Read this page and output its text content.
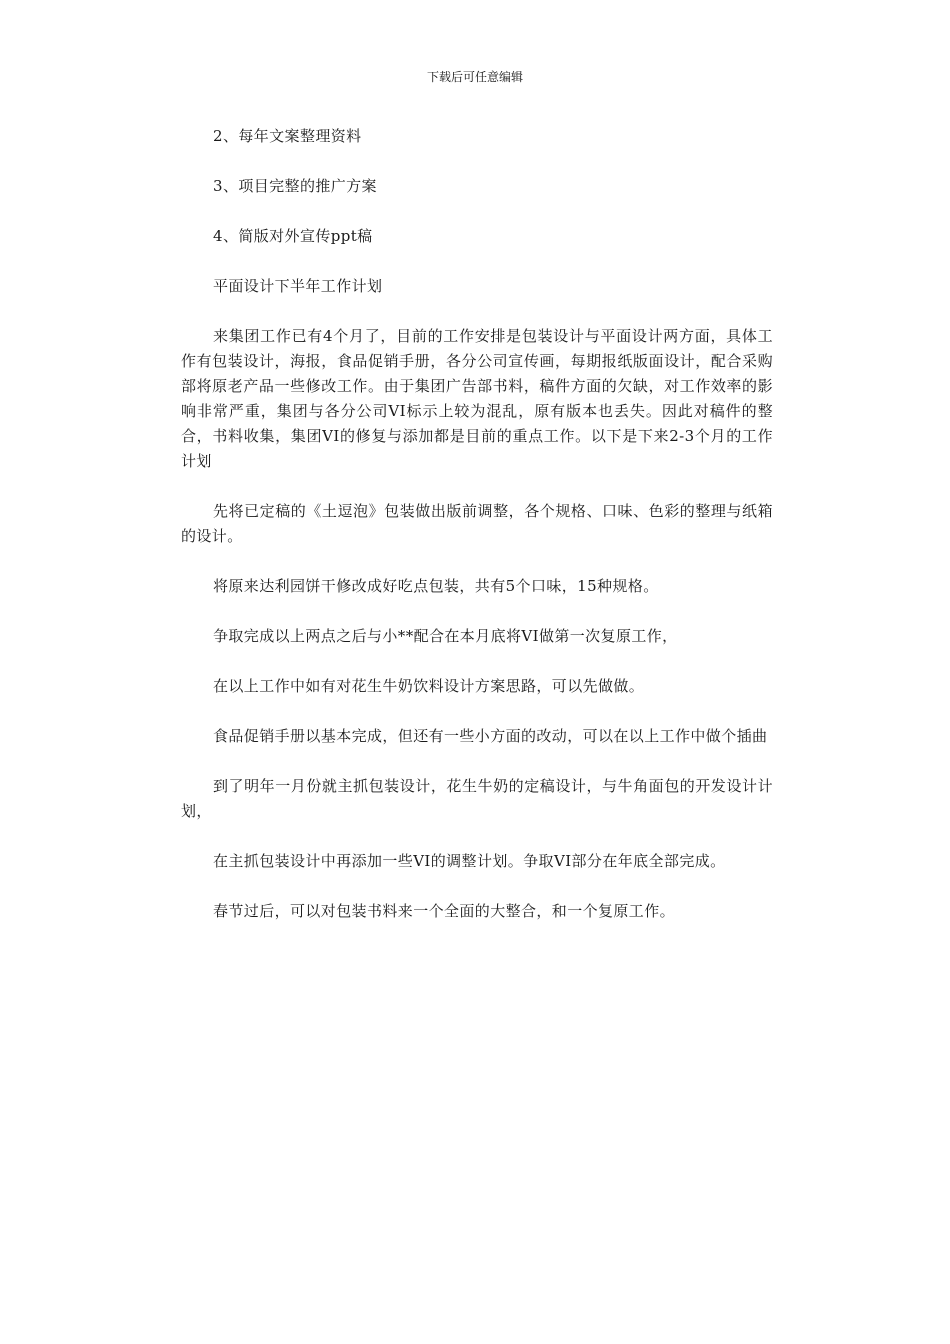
下载后可任意编辑

2、每年文案整理资料

3、项目完整的推广方案

4、简版对外宣传ppt稿

平面设计下半年工作计划

来集团工作已有4个月了，目前的工作安排是包装设计与平面设计两方面，具体工作有包装设计，海报，食品促销手册，各分公司宣传画，每期报纸版面设计，配合采购部将原老产品一些修改工作。由于集团广告部书料，稿件方面的欠缺，对工作效率的影响非常严重，集团与各分公司VI标示上较为混乱，原有版本也丢失。因此对稿件的整合，书料收集，集团VI的修复与添加都是目前的重点工作。以下是下来2-3个月的工作计划

先将已定稿的《土逗泡》包装做出版前调整，各个规格、口味、色彩的整理与纸箱的设计。

将原来达利园饼干修改成好吃点包装，共有5个口味，15种规格。

争取完成以上两点之后与小**配合在本月底将VI做第一次复原工作，

在以上工作中如有对花生牛奶饮料设计方案思路，可以先做做。

食品促销手册以基本完成，但还有一些小方面的改动，可以在以上工作中做个插曲

到了明年一月份就主抓包装设计，花生牛奶的定稿设计，与牛角面包的开发设计计划，

在主抓包装设计中再添加一些VI的调整计划。争取VI部分在年底全部完成。

春节过后，可以对包装书料来一个全面的大整合，和一个复原工作。
